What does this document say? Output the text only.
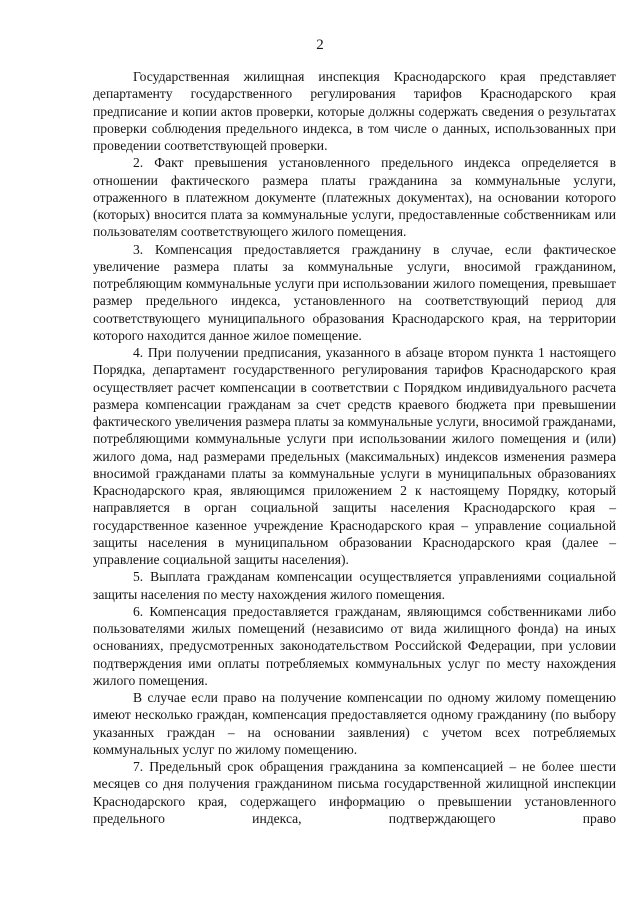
2

Государственная жилищная инспекция Краснодарского края представляет департаменту государственного регулирования тарифов Краснодарского края предписание и копии актов проверки, которые должны содержать сведения о результатах проверки соблюдения предельного индекса, в том числе о данных, использованных при проведении соответствующей проверки.

2. Факт превышения установленного предельного индекса определяется в отношении фактического размера платы гражданина за коммунальные услуги, отраженного в платежном документе (платежных документах), на основании которого (которых) вносится плата за коммунальные услуги, предоставленные собственникам или пользователям соответствующего жилого помещения.

3. Компенсация предоставляется гражданину в случае, если фактическое увеличение размера платы за коммунальные услуги, вносимой гражданином, потребляющим коммунальные услуги при использовании жилого помещения, превышает размер предельного индекса, установленного на соответствующий период для соответствующего муниципального образования Краснодарского края, на территории которого находится данное жилое помещение.

4. При получении предписания, указанного в абзаце втором пункта 1 настоящего Порядка, департамент государственного регулирования тарифов Краснодарского края осуществляет расчет компенсации в соответствии с Порядком индивидуального расчета размера компенсации гражданам за счет средств краевого бюджета при превышении фактического увеличения размера платы за коммунальные услуги, вносимой гражданами, потребляющими коммунальные услуги при использовании жилого помещения и (или) жилого дома, над размерами предельных (максимальных) индексов изменения размера вносимой гражданами платы за коммунальные услуги в муниципальных образованиях Краснодарского края, являющимся приложением 2 к настоящему Порядку, который направляется в орган социальной защиты населения Краснодарского края – государственное казенное учреждение Краснодарского края – управление социальной защиты населения в муниципальном образовании Краснодарского края (далее – управление социальной защиты населения).

5. Выплата гражданам компенсации осуществляется управлениями социальной защиты населения по месту нахождения жилого помещения.

6. Компенсация предоставляется гражданам, являющимся собственниками либо пользователями жилых помещений (независимо от вида жилищного фонда) на иных основаниях, предусмотренных законодательством Российской Федерации, при условии подтверждения ими оплаты потребляемых коммунальных услуг по месту нахождения жилого помещения.

В случае если право на получение компенсации по одному жилому помещению имеют несколько граждан, компенсация предоставляется одному гражданину (по выбору указанных граждан – на основании заявления) с учетом всех потребляемых коммунальных услуг по жилому помещению.

7. Предельный срок обращения гражданина за компенсацией – не более шести месяцев со дня получения гражданином письма государственной жилищной инспекции Краснодарского края, содержащего информацию о превышении установленного предельного индекса, подтверждающего право
